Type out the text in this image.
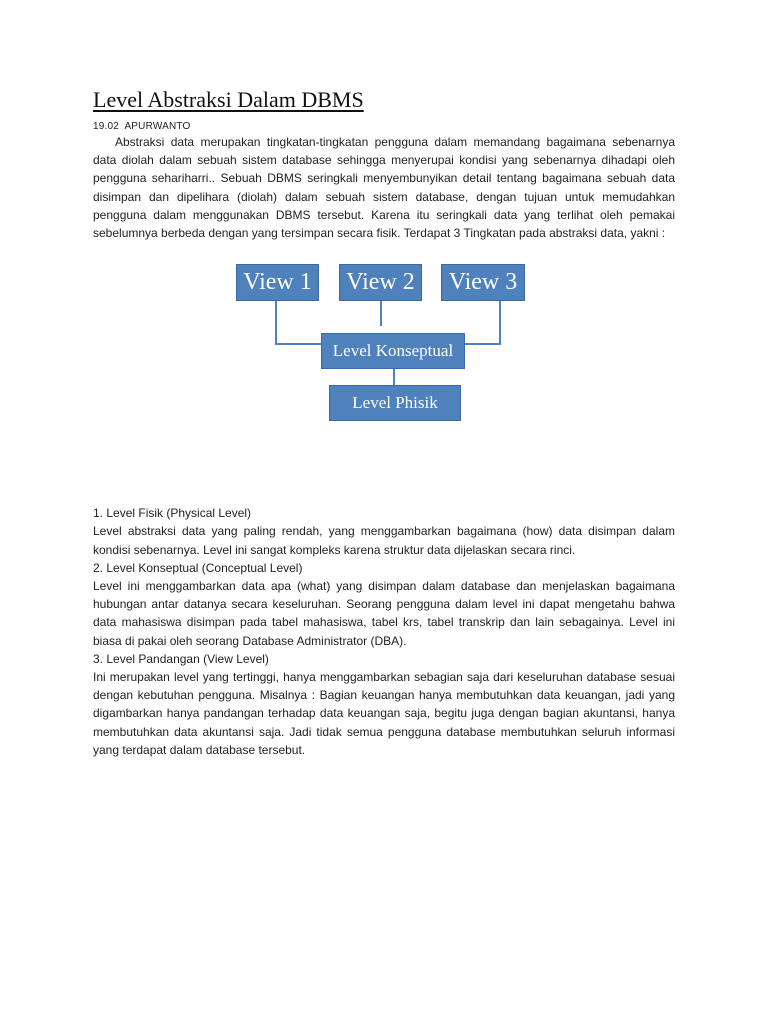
Level Abstraksi Dalam DBMS
19.02 APURWANTO

Abstraksi data merupakan tingkatan-tingkatan pengguna dalam memandang bagaimana sebenarnya data diolah dalam sebuah sistem database sehingga menyerupai kondisi yang sebenarnya dihadapi oleh pengguna sehariharri.. Sebuah DBMS seringkali menyembunyikan detail tentang bagaimana sebuah data disimpan dan dipelihara (diolah) dalam sebuah sistem database, dengan tujuan untuk memudahkan pengguna dalam menggunakan DBMS tersebut. Karena itu seringkali data yang terlihat oleh pemakai sebelumnya berbeda dengan yang tersimpan secara fisik. Terdapat 3 Tingkatan pada abstraksi data, yakni :

View 1	View 2	View 3
Level Konseptual
Level Phisik
1. Level Fisik (Physical Level)

Level abstraksi data yang paling rendah, yang menggambarkan bagaimana (how) data disimpan dalam kondisi sebenarnya. Level ini sangat kompleks karena struktur data dijelaskan secara rinci.

2. Level Konseptual (Conceptual Level)

Level ini menggambarkan data apa (what) yang disimpan dalam database dan menjelaskan bagaimana hubungan antar datanya secara keseluruhan. Seorang pengguna dalam level ini dapat mengetahu bahwa data mahasiswa disimpan pada tabel mahasiswa, tabel krs, tabel transkrip dan lain sebagainya. Level ini biasa di pakai oleh seorang Database Administrator (DBA).

3. Level Pandangan (View Level)

Ini merupakan level yang tertinggi, hanya menggambarkan sebagian saja dari keseluruhan database sesuai dengan kebutuhan pengguna. Misalnya : Bagian keuangan hanya membutuhkan data keuangan, jadi yang digambarkan hanya pandangan terhadap data keuangan saja, begitu juga dengan bagian akuntansi, hanya membutuhkan data akuntansi saja. Jadi tidak semua pengguna database membutuhkan seluruh informasi yang terdapat dalam database tersebut.
